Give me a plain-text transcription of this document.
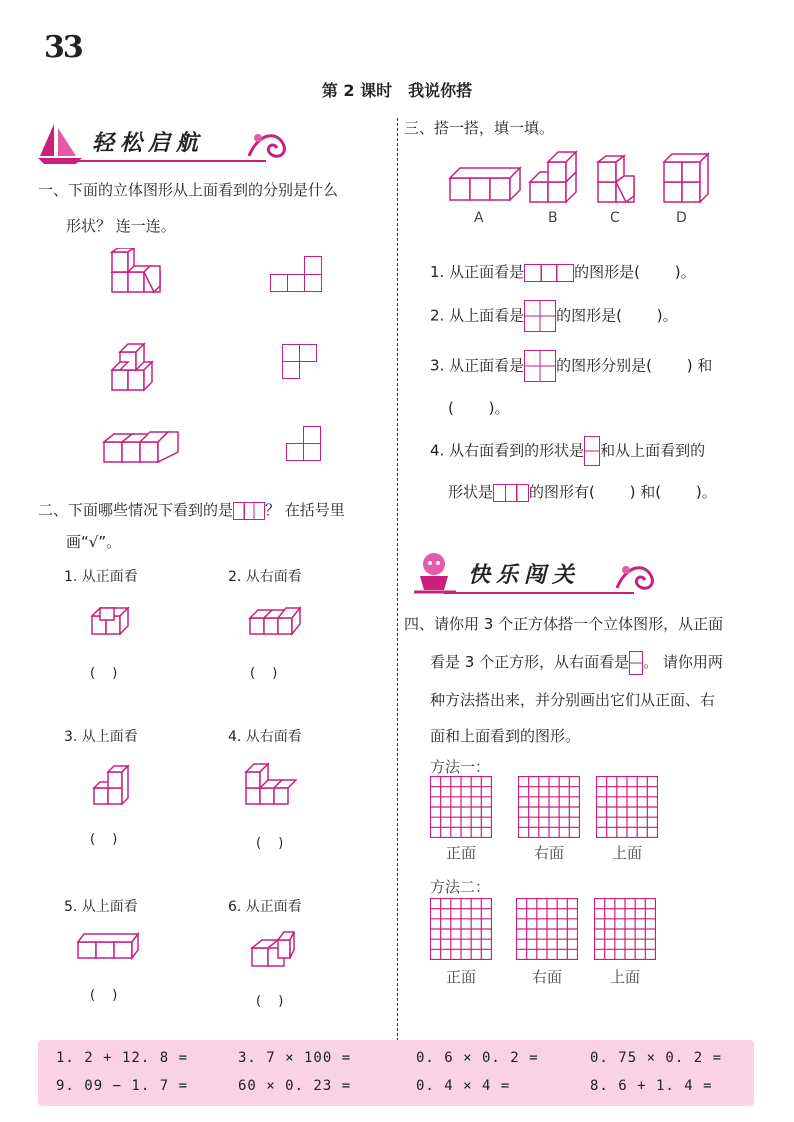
33
第 2 课时　我说你搭
轻松启航
一、下面的立体图形从上面看到的分别是什么
形状？ 连一连。
二、下面哪些情况下看到的是 ？ 在括号里
画“√”。
1. 从正面看	2. 从右面看
(　 )	(　 )
3. 从上面看	4. 从右面看
(　 )	(　 )
5. 从上面看	6. 从正面看
(　 )	(　 )
三、搭一搭，填一填。
A	B	C	D
1. 从正面看是	的图形是(　　 )。
2. 从上面看是 的图形是(　　 )。
3. 从正面看是 的图形分别是(　　 ) 和
(　　 )。
4. 从右面看到的形状是 和从上面看到的
形状是 的图形有(　　 ) 和(　　 )。
快乐闯关
四、请你用 3 个正方体搭一个立体图形，从正面
看是 3 个正方形，从右面看是 。 请你用两
种方法搭出来，并分别画出它们从正面、右
面和上面看到的图形。
方法一：
正面	右面	上面
方法二：
正面	右面	上面
1. 2 + 12. 8 =	3. 7 × 100 =	0. 6 × 0. 2 =	0. 75 × 0. 2 =
9. 09 − 1. 7 =	60 × 0. 23 =	0. 4 × 4 =	8. 6 + 1. 4 =
